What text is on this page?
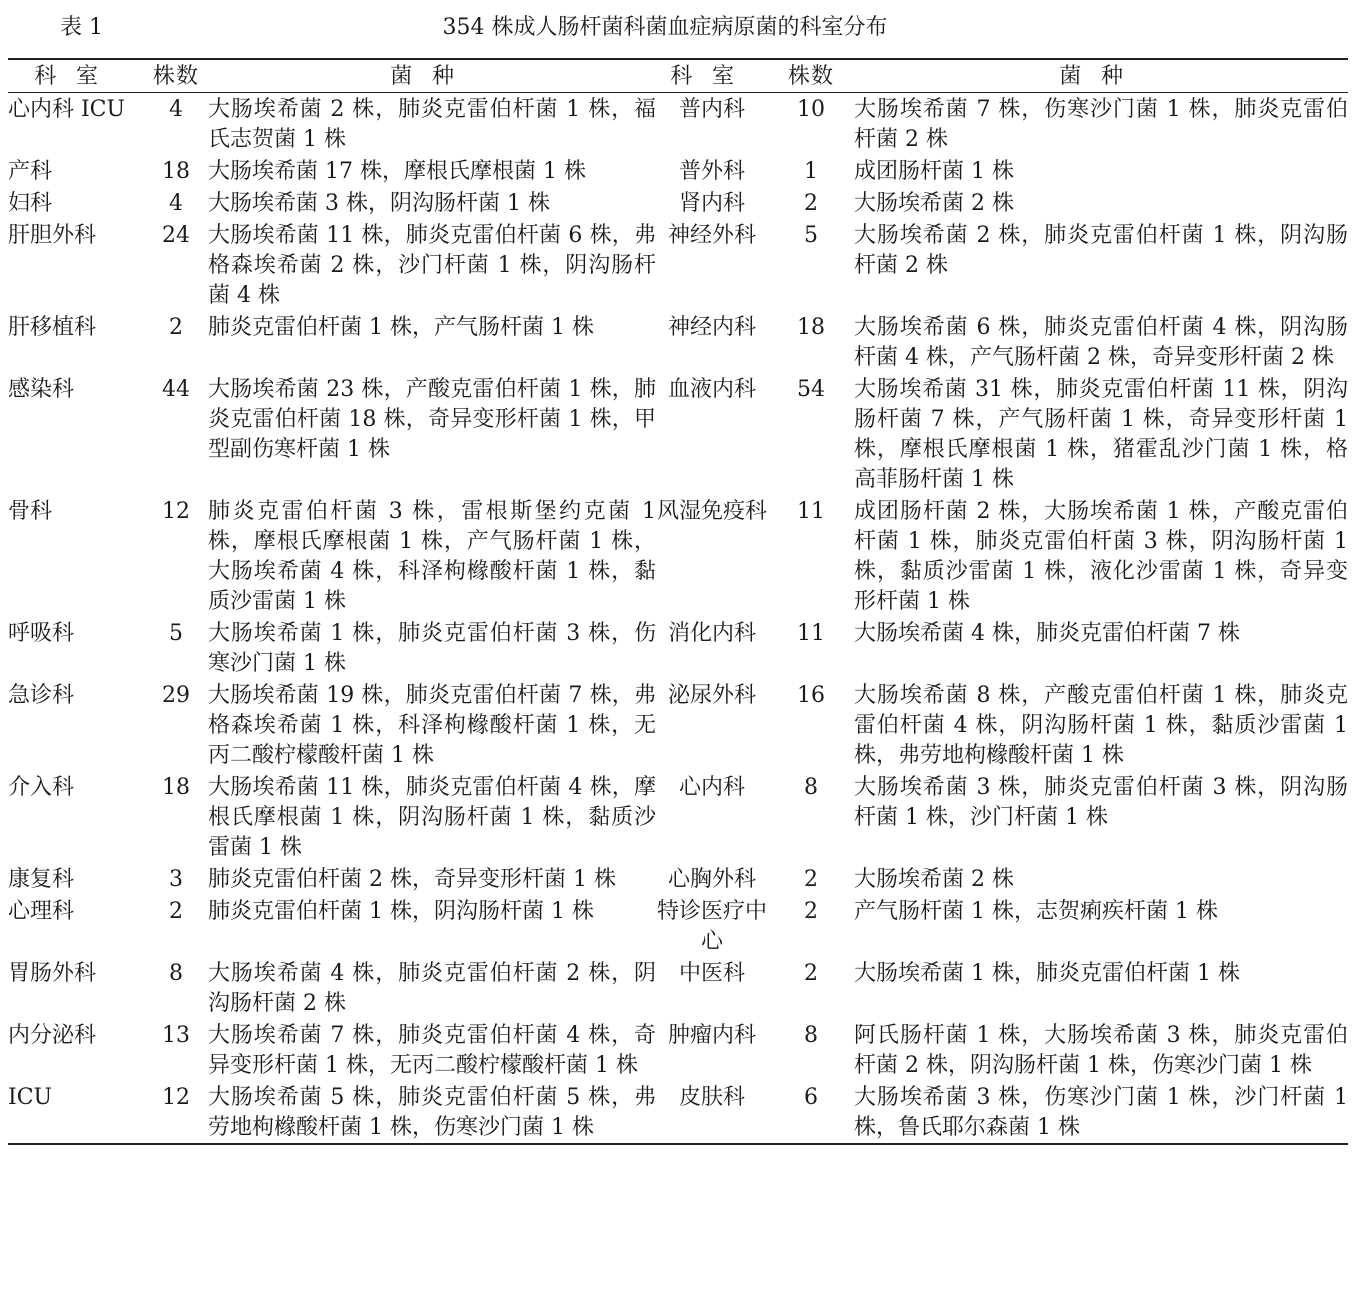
表 1	354 株成人肠杆菌科菌血症病原菌的科室分布
科室	株数	菌种	科室	株数	菌种
心内科 ICU	4	大肠埃希菌 2 株，肺炎克雷伯杆菌 1 株，福氏志贺菌 1 株	普内科	10	大肠埃希菌 7 株，伤寒沙门菌 1 株，肺炎克雷伯杆菌 2 株
产科	18	大肠埃希菌 17 株，摩根氏摩根菌 1 株	普外科	1	成团肠杆菌 1 株
妇科	4	大肠埃希菌 3 株，阴沟肠杆菌 1 株	肾内科	2	大肠埃希菌 2 株
肝胆外科	24	大肠埃希菌 11 株，肺炎克雷伯杆菌 6 株，弗格森埃希菌 2 株，沙门杆菌 1 株，阴沟肠杆菌 4 株	神经外科	5	大肠埃希菌 2 株，肺炎克雷伯杆菌 1 株，阴沟肠杆菌 2 株
肝移植科	2	肺炎克雷伯杆菌 1 株，产气肠杆菌 1 株	神经内科	18	大肠埃希菌 6 株，肺炎克雷伯杆菌 4 株，阴沟肠杆菌 4 株，产气肠杆菌 2 株，奇异变形杆菌 2 株
感染科	44	大肠埃希菌 23 株，产酸克雷伯杆菌 1 株，肺炎克雷伯杆菌 18 株，奇异变形杆菌 1 株，甲型副伤寒杆菌 1 株	血液内科	54	大肠埃希菌 31 株，肺炎克雷伯杆菌 11 株，阴沟肠杆菌 7 株，产气肠杆菌 1 株，奇异变形杆菌 1 株，摩根氏摩根菌 1 株，猪霍乱沙门菌 1 株，格高菲肠杆菌 1 株
骨科	12	肺炎克雷伯杆菌 3 株，雷根斯堡约克菌 1 株，摩根氏摩根菌 1 株，产气肠杆菌 1 株，大肠埃希菌 4 株，科泽枸橼酸杆菌 1 株，黏质沙雷菌 1 株	风湿免疫科	11	成团肠杆菌 2 株，大肠埃希菌 1 株，产酸克雷伯杆菌 1 株，肺炎克雷伯杆菌 3 株，阴沟肠杆菌 1 株，黏质沙雷菌 1 株，液化沙雷菌 1 株，奇异变形杆菌 1 株
呼吸科	5	大肠埃希菌 1 株，肺炎克雷伯杆菌 3 株，伤寒沙门菌 1 株	消化内科	11	大肠埃希菌 4 株，肺炎克雷伯杆菌 7 株
急诊科	29	大肠埃希菌 19 株，肺炎克雷伯杆菌 7 株，弗格森埃希菌 1 株，科泽枸橼酸杆菌 1 株，无丙二酸柠檬酸杆菌 1 株	泌尿外科	16	大肠埃希菌 8 株，产酸克雷伯杆菌 1 株，肺炎克雷伯杆菌 4 株，阴沟肠杆菌 1 株，黏质沙雷菌 1 株，弗劳地枸橼酸杆菌 1 株
介入科	18	大肠埃希菌 11 株，肺炎克雷伯杆菌 4 株，摩根氏摩根菌 1 株，阴沟肠杆菌 1 株，黏质沙雷菌 1 株	心内科	8	大肠埃希菌 3 株，肺炎克雷伯杆菌 3 株，阴沟肠杆菌 1 株，沙门杆菌 1 株
康复科	3	肺炎克雷伯杆菌 2 株，奇异变形杆菌 1 株	心胸外科	2	大肠埃希菌 2 株
心理科	2	肺炎克雷伯杆菌 1 株，阴沟肠杆菌 1 株	特诊医疗中心	2	产气肠杆菌 1 株，志贺痢疾杆菌 1 株
胃肠外科	8	大肠埃希菌 4 株，肺炎克雷伯杆菌 2 株，阴沟肠杆菌 2 株	中医科	2	大肠埃希菌 1 株，肺炎克雷伯杆菌 1 株
内分泌科	13	大肠埃希菌 7 株，肺炎克雷伯杆菌 4 株，奇异变形杆菌 1 株，无丙二酸柠檬酸杆菌 1 株	肿瘤内科	8	阿氏肠杆菌 1 株，大肠埃希菌 3 株，肺炎克雷伯杆菌 2 株，阴沟肠杆菌 1 株，伤寒沙门菌 1 株
ICU	12	大肠埃希菌 5 株，肺炎克雷伯杆菌 5 株，弗劳地枸橼酸杆菌 1 株，伤寒沙门菌 1 株	皮肤科	6	大肠埃希菌 3 株，伤寒沙门菌 1 株，沙门杆菌 1 株，鲁氏耶尔森菌 1 株
